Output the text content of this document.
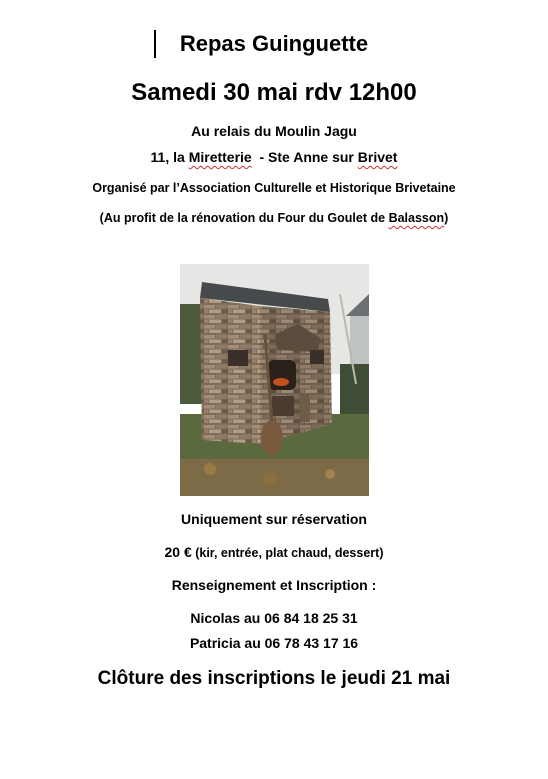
Repas Guinguette
Samedi 30 mai rdv 12h00
Au relais du Moulin Jagu
11, la Miretterie  - Ste Anne sur Brivet
Organisé par l’Association Culturelle et Historique Brivetaine
(Au profit de la rénovation du Four du Goulet de Balasson)
Uniquement sur réservation
20 € (kir, entrée, plat chaud, dessert)
Renseignement et Inscription :
Nicolas au 06 84 18 25 31
Patricia au 06 78 43 17 16
Clôture des inscriptions le jeudi 21 mai
